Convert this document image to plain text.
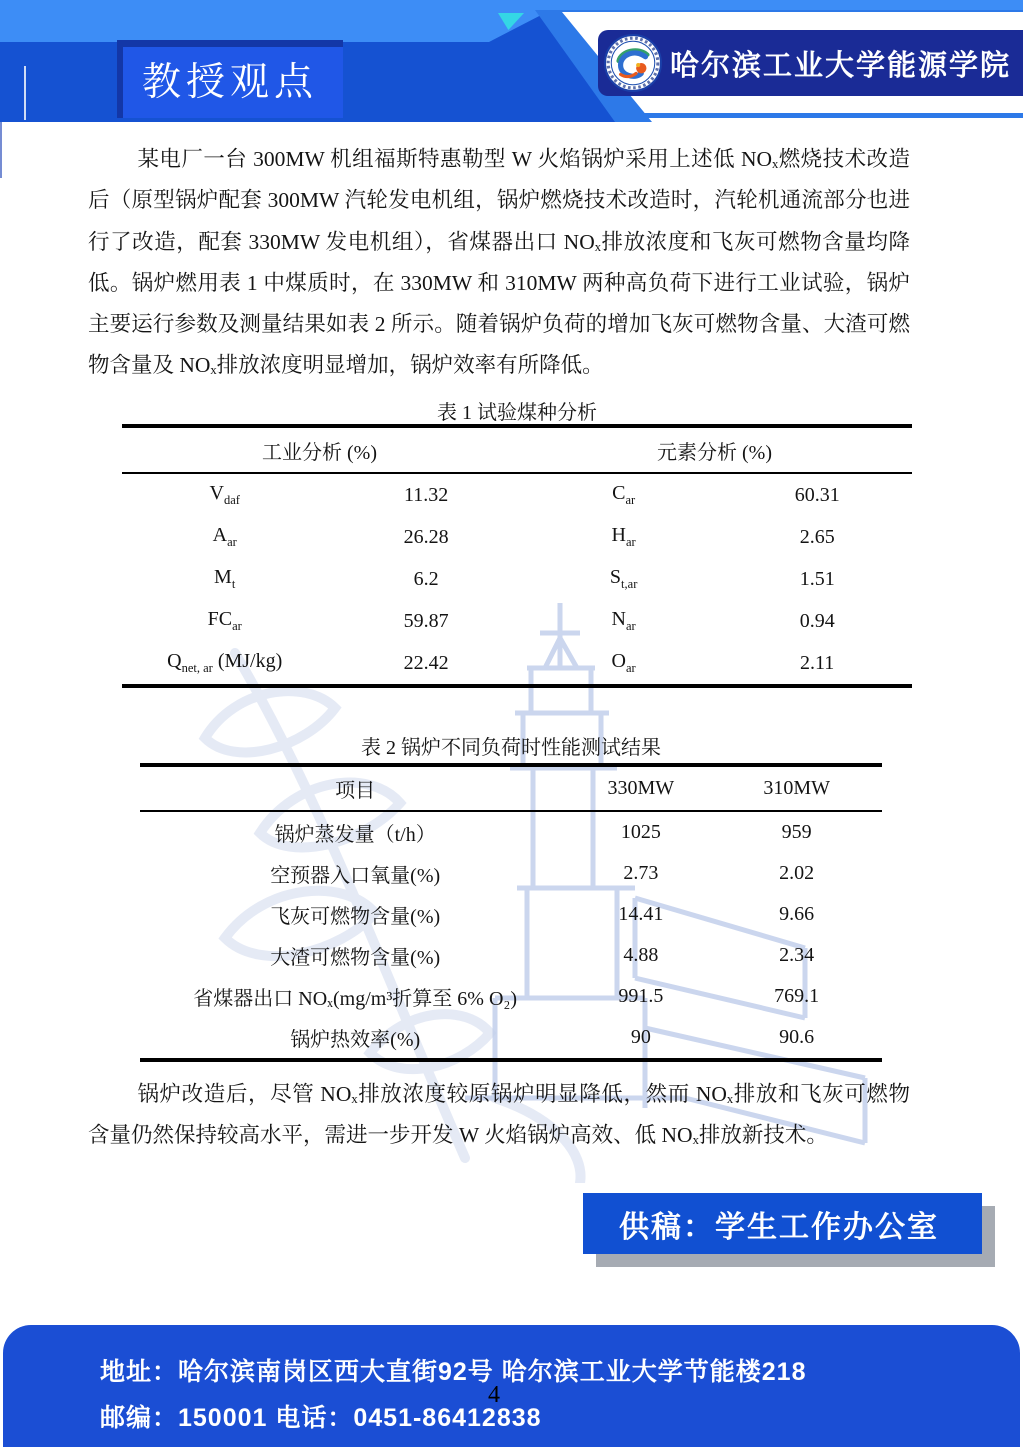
哈尔滨工业大学能源学院
教授观点

某电厂一台 300MW 机组福斯特惠勒型 W 火焰锅炉采用上述低 NOₓ燃烧技术改造后（原型锅炉配套 300MW 汽轮发电机组，锅炉燃烧技术改造时，汽轮机通流部分也进行了改造，配套 330MW 发电机组），省煤器出口 NOₓ排放浓度和飞灰可燃物含量均降低。锅炉燃用表 1 中煤质时，在 330MW 和 310MW 两种高负荷下进行工业试验，锅炉主要运行参数及测量结果如表 2 所示。随着锅炉负荷的增加飞灰可燃物含量、大渣可燃物含量及 NOₓ排放浓度明显增加，锅炉效率有所降低。

表 1 试验煤种分析
工业分析 (%)	元素分析 (%)
$V_{daf}$	11.32	$C_{ar}$	60.31
$A_{ar}$	26.28	$H_{ar}$	2.65
$M_t$	6.2	$S_{t,ar}$	1.51
$FC_{ar}$	59.87	$N_{ar}$	0.94
$Q_{net, ar}$ (MJ/kg)	22.42	$O_{ar}$	2.11
表 2 锅炉不同负荷时性能测试结果
项目	330MW	310MW
锅炉蒸发量（t/h）	1025	959
空预器入口氧量(%)	2.73	2.02
飞灰可燃物含量(%)	14.41	9.66
大渣可燃物含量(%)	4.88	2.34
省煤器出口 NOₓ(mg/m³折算至 6% O₂)	991.5	769.1
锅炉热效率(%)	90	90.6

锅炉改造后，尽管 NOₓ排放浓度较原锅炉明显降低，然而 NOₓ排放和飞灰可燃物含量仍然保持较高水平，需进一步开发 W 火焰锅炉高效、低 NOₓ排放新技术。

供稿：学生工作办公室
地址：哈尔滨南岗区西大直街92号 哈尔滨工业大学节能楼218
邮编：150001 电话：0451-86412838
4
